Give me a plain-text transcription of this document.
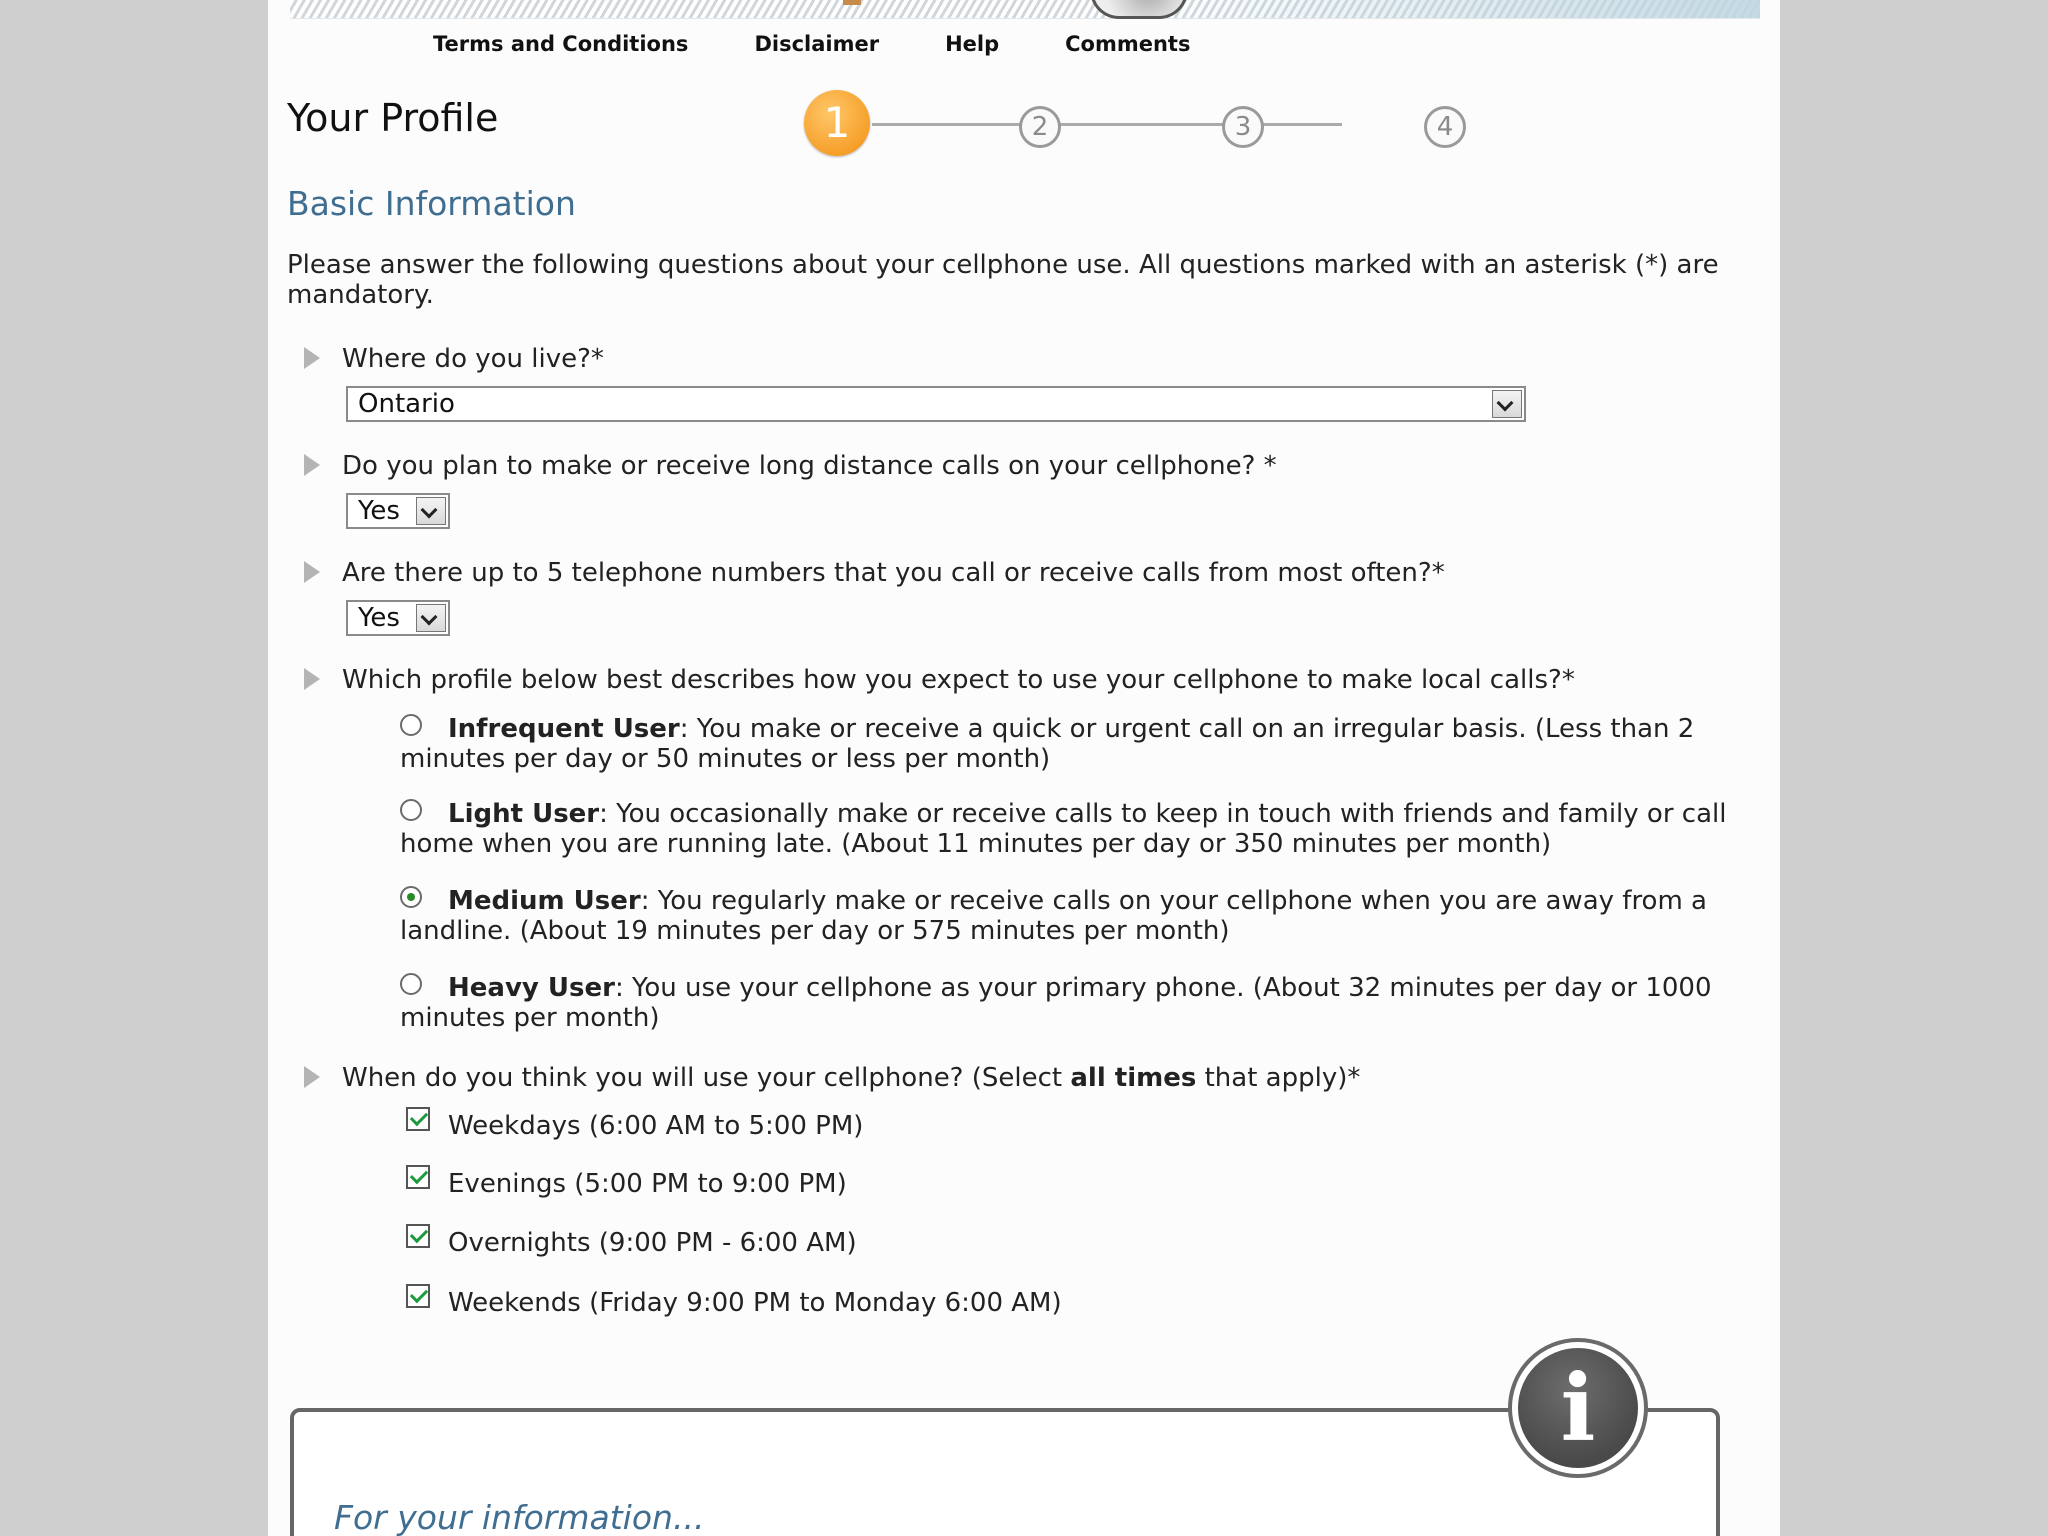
Terms and Conditions	Disclaimer	Help	Comments
Your Profile	1	2	3	4
Basic Information
Please answer the following questions about your cellphone use. All questions marked with an asterisk (*) are mandatory.
Where do you live?*
Ontario
Do you plan to make or receive long distance calls on your cellphone? *
Yes
Are there up to 5 telephone numbers that you call or receive calls from most often?*
Yes
Which profile below best describes how you expect to use your cellphone to make local calls?*
Infrequent User: You make or receive a quick or urgent call on an irregular basis. (Less than 2 minutes per day or 50 minutes or less per month)
Light User: You occasionally make or receive calls to keep in touch with friends and family or call home when you are running late. (About 11 minutes per day or 350 minutes per month)
Medium User: You regularly make or receive calls on your cellphone when you are away from a landline. (About 19 minutes per day or 575 minutes per month)
Heavy User: You use your cellphone as your primary phone. (About 32 minutes per day or 1000 minutes per month)
When do you think you will use your cellphone? (Select all times that apply)*
Weekdays (6:00 AM to 5:00 PM)
Evenings (5:00 PM to 9:00 PM)
Overnights (9:00 PM - 6:00 AM)
Weekends (Friday 9:00 PM to Monday 6:00 AM)
For your information...
i
